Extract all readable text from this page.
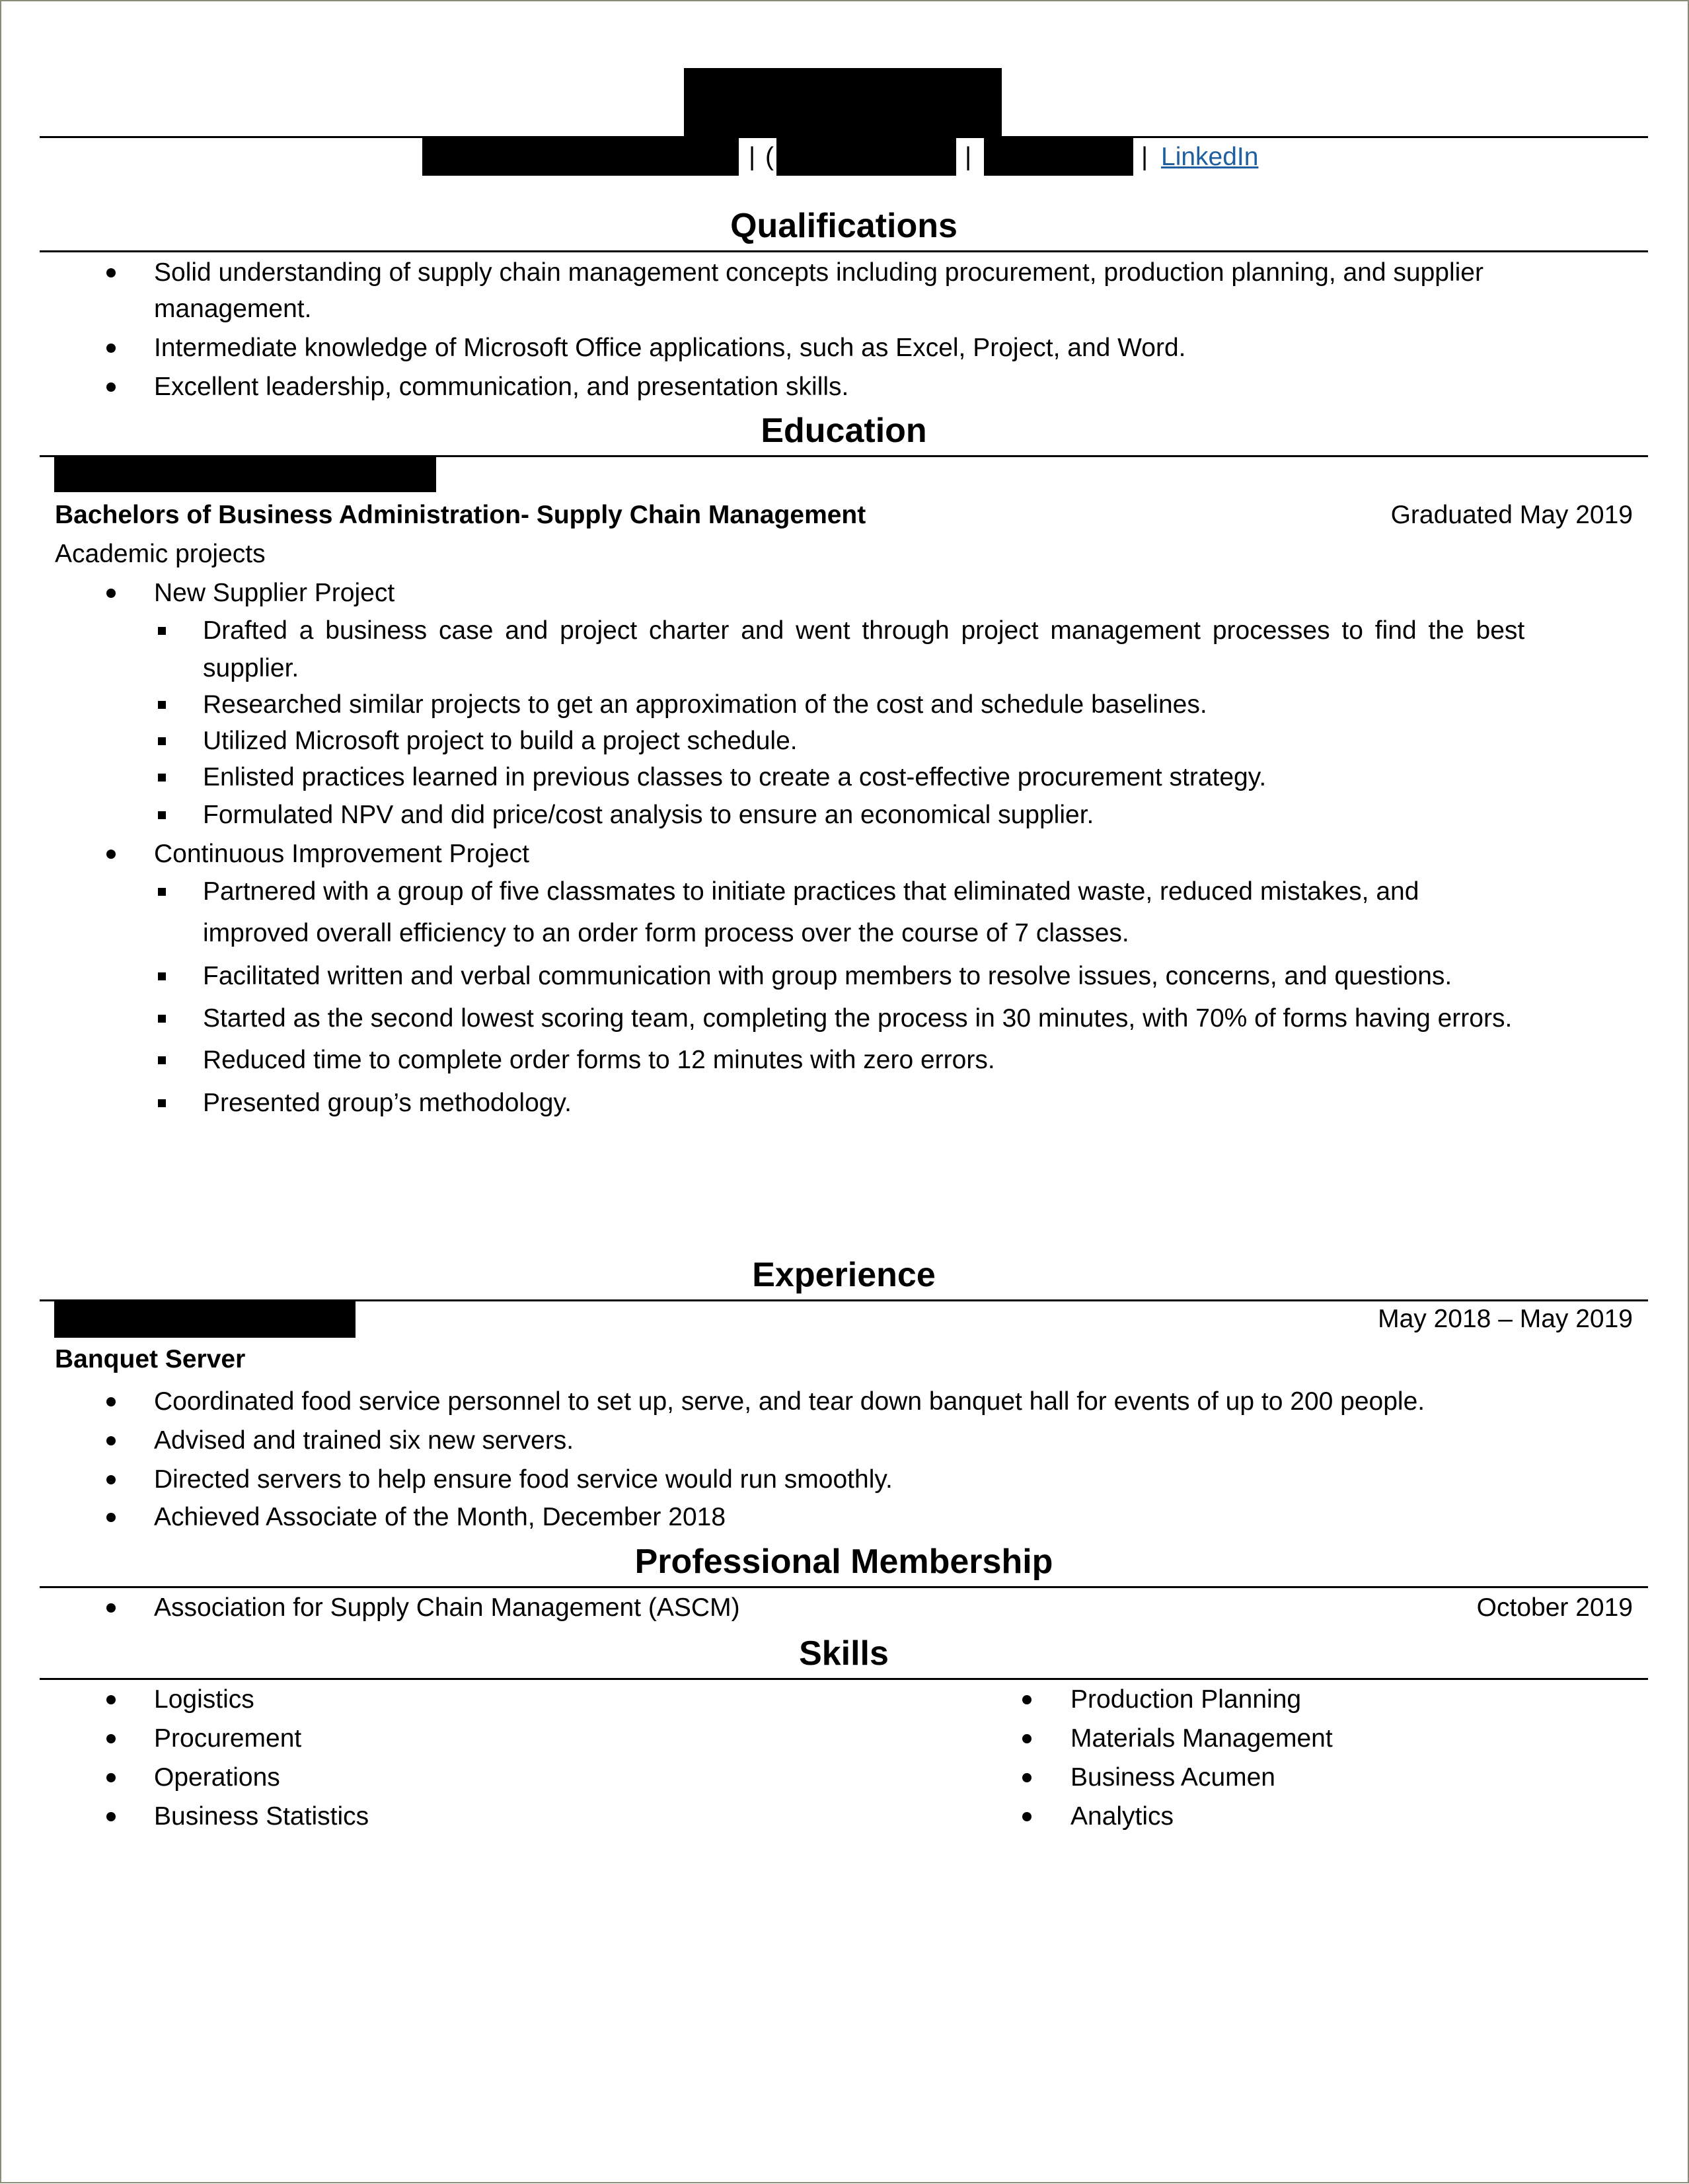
| (	|	| LinkedIn
Qualifications
Solid understanding of supply chain management concepts including procurement, production planning, and supplier
management.
Intermediate knowledge of Microsoft Office applications, such as Excel, Project, and Word.
Excellent leadership, communication, and presentation skills.
Education
Bachelors of Business Administration- Supply Chain Management	Graduated May 2019
Academic projects
New Supplier Project
Drafted a business case and project charter and went through project management processes to find the best
supplier.
Researched similar projects to get an approximation of the cost and schedule baselines.
Utilized Microsoft project to build a project schedule.
Enlisted practices learned in previous classes to create a cost-effective procurement strategy.
Formulated NPV and did price/cost analysis to ensure an economical supplier.
Continuous Improvement Project
Partnered with a group of five classmates to initiate practices that eliminated waste, reduced mistakes, and
improved overall efficiency to an order form process over the course of 7 classes.
Facilitated written and verbal communication with group members to resolve issues, concerns, and questions.
Started as the second lowest scoring team, completing the process in 30 minutes, with 70% of forms having errors.
Reduced time to complete order forms to 12 minutes with zero errors.
Presented group’s methodology.
Experience
May 2018 – May 2019
Banquet Server
Coordinated food service personnel to set up, serve, and tear down banquet hall for events of up to 200 people.
Advised and trained six new servers.
Directed servers to help ensure food service would run smoothly.
Achieved Associate of the Month, December 2018
Professional Membership
Association for Supply Chain Management (ASCM)	October 2019
Skills
Logistics
Procurement
Operations
Business Statistics
Production Planning
Materials Management
Business Acumen
Analytics
